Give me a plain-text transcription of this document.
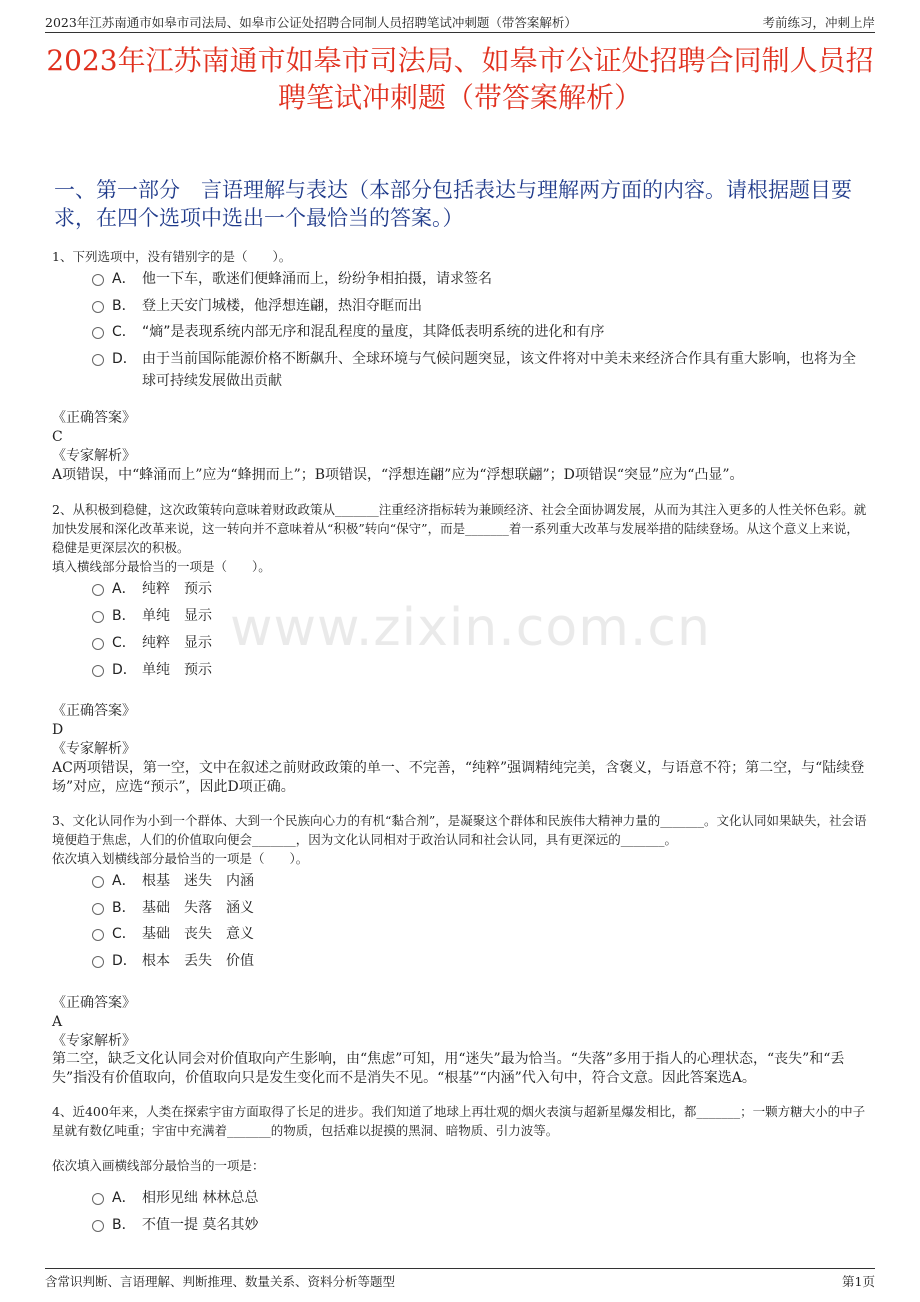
2023年江苏南通市如皋市司法局、如皋市公证处招聘合同制人员招聘笔试冲刺题（带答案解析）	考前练习，冲刺上岸
2023年江苏南通市如皋市司法局、如皋市公证处招聘合同制人员招聘笔试冲刺题（带答案解析）
一、第一部分　言语理解与表达（本部分包括表达与理解两方面的内容。请根据题目要求，在四个选项中选出一个最恰当的答案。）
www.zixin.com.cn
1、下列选项中，没有错别字的是（　　）。
A． 他一下车，歌迷们便蜂涌而上，纷纷争相拍摄，请求签名
B． 登上天安门城楼，他浮想连翩，热泪夺眶而出
C． “熵”是表现系统内部无序和混乱程度的量度，其降低表明系统的进化和有序
D． 由于当前国际能源价格不断飙升、全球环境与气候问题突显，该文件将对中美未来经济合作具有重大影响，也将为全球可持续发展做出贡献
《正确答案》
C
《专家解析》
A项错误，中“蜂涌而上”应为“蜂拥而上”；B项错误，“浮想连翩”应为“浮想联翩”；D项错误“突显”应为“凸显”。
2、从积极到稳健，这次政策转向意味着财政政策从_______注重经济指标转为兼顾经济、社会全面协调发展，从而为其注入更多的人性关怀色彩。就加快发展和深化改革来说，这一转向并不意味着从“积极”转向“保守”，而是_______着一系列重大改革与发展举措的陆续登场。从这个意义上来说，稳健是更深层次的积极。
填入横线部分最恰当的一项是（　　）。
A． 纯粹　预示
B． 单纯　显示
C． 纯粹　显示
D． 单纯　预示
《正确答案》
D
《专家解析》
AC两项错误，第一空，文中在叙述之前财政政策的单一、不完善，“纯粹”强调精纯完美，含褒义，与语意不符；第二空，与“陆续登场”对应，应选“预示”，因此D项正确。
3、文化认同作为小到一个群体、大到一个民族向心力的有机“黏合剂”，是凝聚这个群体和民族伟大精神力量的_______。文化认同如果缺失，社会语境便趋于焦虑，人们的价值取向便会_______，因为文化认同相对于政治认同和社会认同，具有更深远的_______。
依次填入划横线部分最恰当的一项是（　　）。
A． 根基　迷失　内涵
B． 基础　失落　涵义
C． 基础　丧失　意义
D． 根本　丢失　价值
《正确答案》
A
《专家解析》
第二空，缺乏文化认同会对价值取向产生影响，由“焦虑”可知，用“迷失”最为恰当。“失落”多用于指人的心理状态，“丧失”和“丢失”指没有价值取向，价值取向只是发生变化而不是消失不见。“根基”“内涵”代入句中，符合文意。因此答案选A。
4、近400年来，人类在探索宇宙方面取得了长足的进步。我们知道了地球上再壮观的烟火表演与超新星爆发相比，都_______；一颗方糖大小的中子星就有数亿吨重；宇宙中充满着_______的物质，包括难以捉摸的黑洞、暗物质、引力波等。
依次填入画横线部分最恰当的一项是：
A． 相形见绌 林林总总
B． 不值一提 莫名其妙
含常识判断、言语理解、判断推理、数量关系、资料分析等题型	第1页
